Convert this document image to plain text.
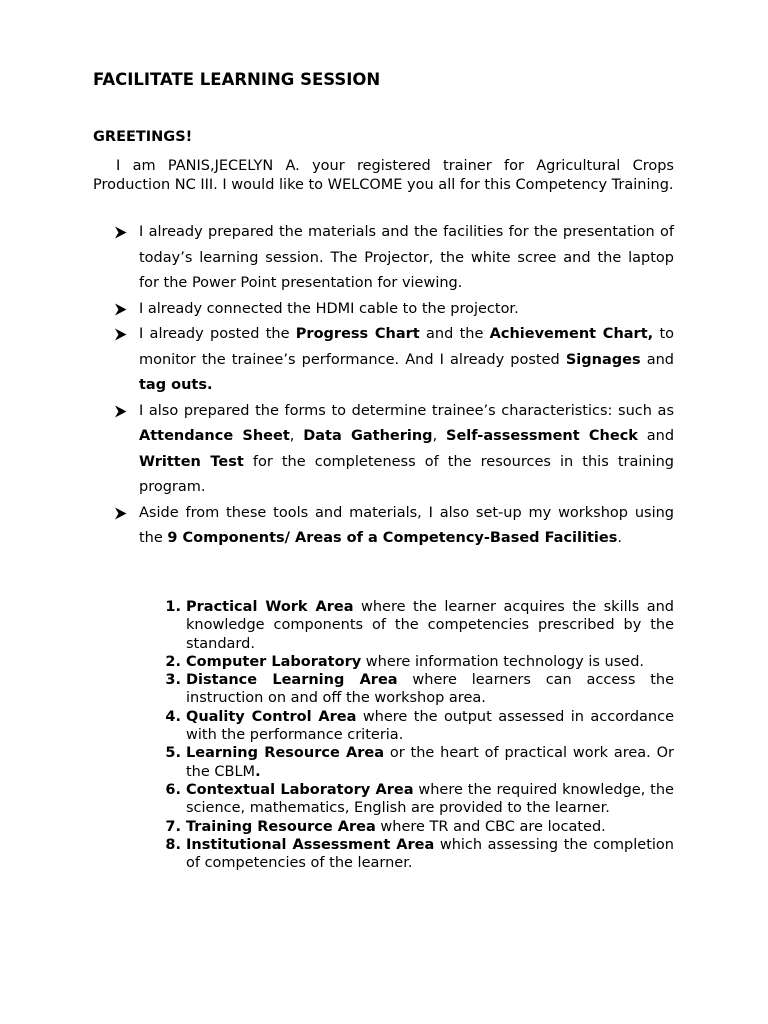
FACILITATE LEARNING SESSION

GREETINGS!

I am PANIS,JECELYN A. your registered trainer for Agricultural Crops Production NC III. I would like to WELCOME you all for this Competency Training.

I already prepared the materials and the facilities for the presentation of today’s learning session. The Projector, the white scree and the laptop for the Power Point presentation for viewing.
I already connected the HDMI cable to the projector.
I already posted the Progress Chart and the Achievement Chart, to monitor the trainee’s performance. And I already posted Signages and tag outs.
I also prepared the forms to determine trainee’s characteristics: such as Attendance Sheet, Data Gathering, Self-assessment Check and Written Test for the completeness of the resources in this training program.
Aside from these tools and materials, I also set-up my workshop using the 9 Components/ Areas of a Competency-Based Facilities.
1. Practical Work Area where the learner acquires the skills and knowledge components of the competencies prescribed by the standard.
2. Computer Laboratory where information technology is used.
3. Distance Learning Area where learners can access the instruction on and off the workshop area.
4. Quality Control Area where the output assessed in accordance with the performance criteria.
5. Learning Resource Area or the heart of practical work area. Or the CBLM.
6. Contextual Laboratory Area where the required knowledge, the science, mathematics, English are provided to the learner.
7. Training Resource Area where TR and CBC are located.
8. Institutional Assessment Area which assessing the completion of competencies of the learner.
